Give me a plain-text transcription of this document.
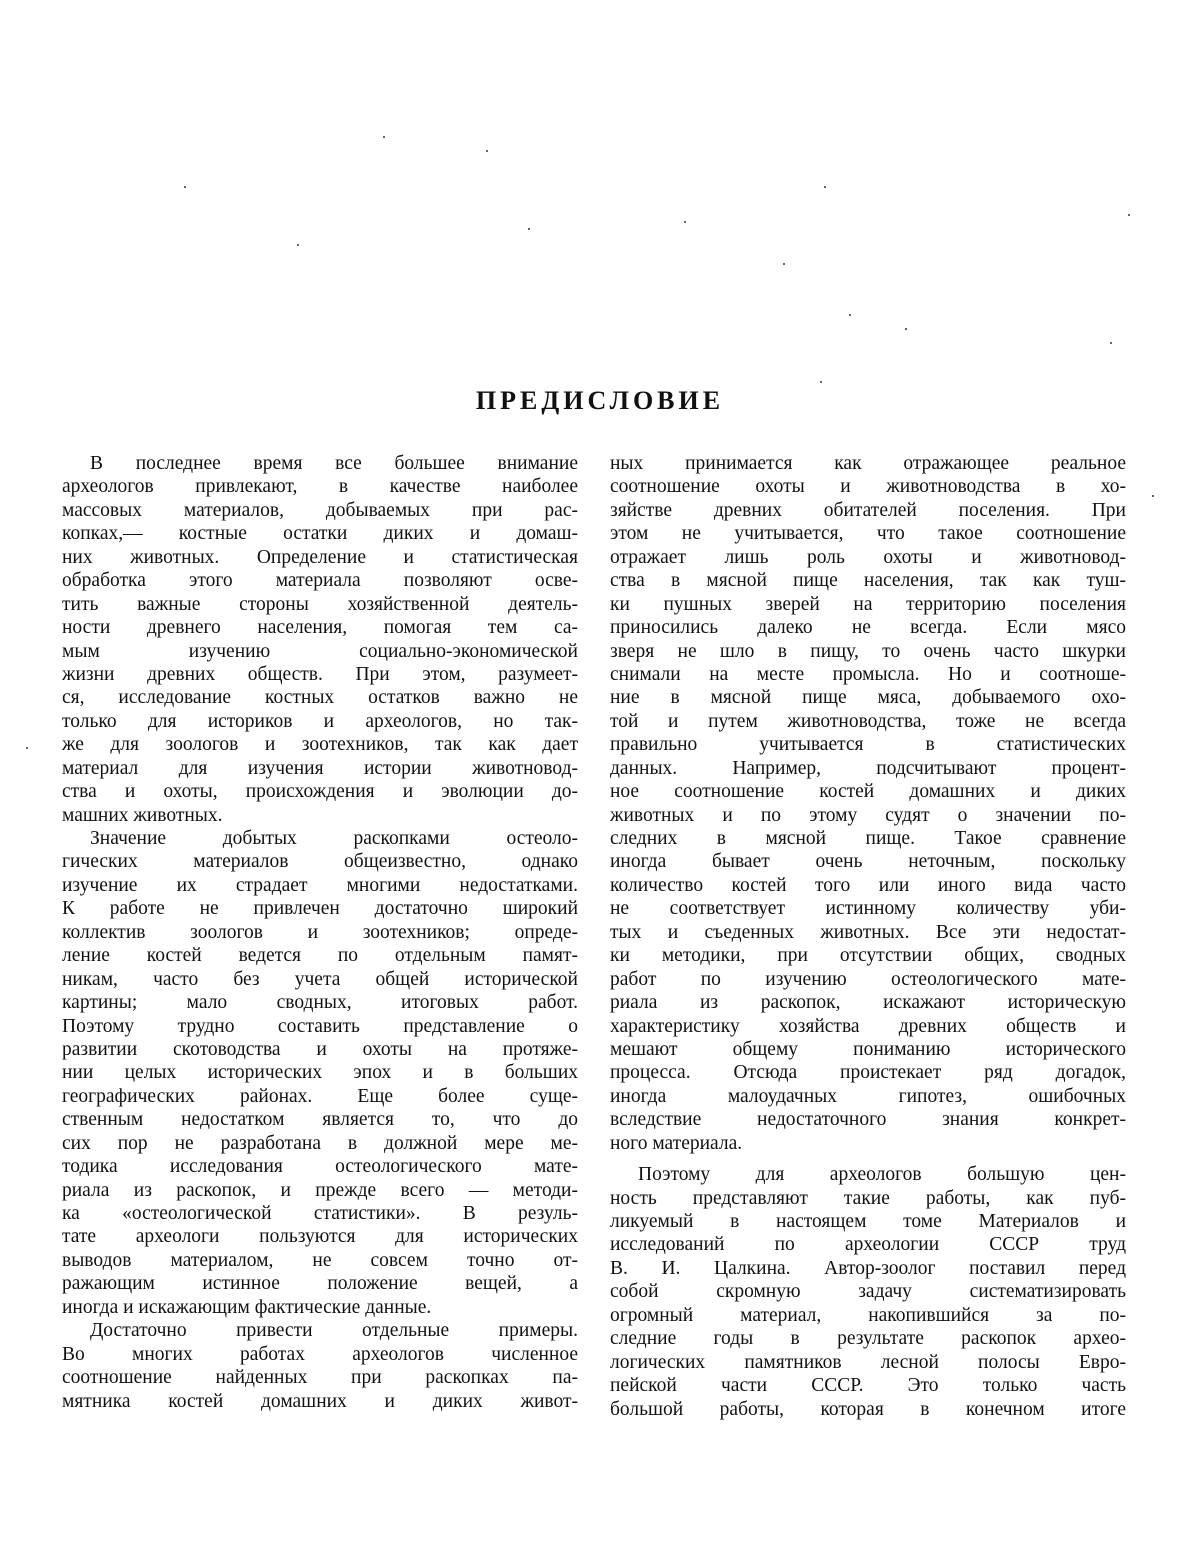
ПРЕДИСЛОВИЕ
В последнее время все большее внимание
археологов привлекают, в качестве наиболее
массовых материалов, добываемых при рас-
копках,— костные остатки диких и домаш-
них животных. Определение и статистическая
обработка этого материала позволяют осве-
тить важные стороны хозяйственной деятель-
ности древнего населения, помогая тем са-
мым изучению социально-экономической
жизни древних обществ. При этом, разумеет-
ся, исследование костных остатков важно не
только для историков и археологов, но так-
же для зоологов и зоотехников, так как дает
материал для изучения истории животновод-
ства и охоты, происхождения и эволюции до-
машних животных.
Значение добытых раскопками остеоло-
гических материалов общеизвестно, однако
изучение их страдает многими недостатками.
К работе не привлечен достаточно широкий
коллектив зоологов и зоотехников; опреде-
ление костей ведется по отдельным памят-
никам, часто без учета общей исторической
картины; мало сводных, итоговых работ.
Поэтому трудно составить представление о
развитии скотоводства и охоты на протяже-
нии целых исторических эпох и в больших
географических районах. Еще более суще-
ственным недостатком является то, что до
сих пор не разработана в должной мере ме-
тодика исследования остеологического мате-
риала из раскопок, и прежде всего — методи-
ка «остеологической статистики». В резуль-
тате археологи пользуются для исторических
выводов материалом, не совсем точно от-
ражающим истинное положение вещей, а
иногда и искажающим фактические данные.
Достаточно привести отдельные примеры.
Во многих работах археологов численное
соотношение найденных при раскопках па-
мятника костей домашних и диких живот-
ных принимается как отражающее реальное
соотношение охоты и животноводства в хо-
зяйстве древних обитателей поселения. При
этом не учитывается, что такое соотношение
отражает лишь роль охоты и животновод-
ства в мясной пище населения, так как туш-
ки пушных зверей на территорию поселения
приносились далеко не всегда. Если мясо
зверя не шло в пищу, то очень часто шкурки
снимали на месте промысла. Но и соотноше-
ние в мясной пище мяса, добываемого охо-
той и путем животноводства, тоже не всегда
правильно учитывается в статистических
данных. Например, подсчитывают процент-
ное соотношение костей домашних и диких
животных и по этому судят о значении по-
следних в мясной пище. Такое сравнение
иногда бывает очень неточным, поскольку
количество костей того или иного вида часто
не соответствует истинному количеству уби-
тых и съеденных животных. Все эти недостат-
ки методики, при отсутствии общих, сводных
работ по изучению остеологического мате-
риала из раскопок, искажают историческую
характеристику хозяйства древних обществ и
мешают общему пониманию исторического
процесса. Отсюда проистекает ряд догадок,
иногда малоудачных гипотез, ошибочных
вследствие недостаточного знания конкрет-
ного материала.
Поэтому для археологов большую цен-
ность представляют такие работы, как пуб-
ликуемый в настоящем томе Материалов и
исследований по археологии СССР труд
В. И. Цалкина. Автор-зоолог поставил перед
собой скромную задачу систематизировать
огромный материал, накопившийся за по-
следние годы в результате раскопок архео-
логических памятников лесной полосы Евро-
пейской части СССР. Это только часть
большой работы, которая в конечном итоге
